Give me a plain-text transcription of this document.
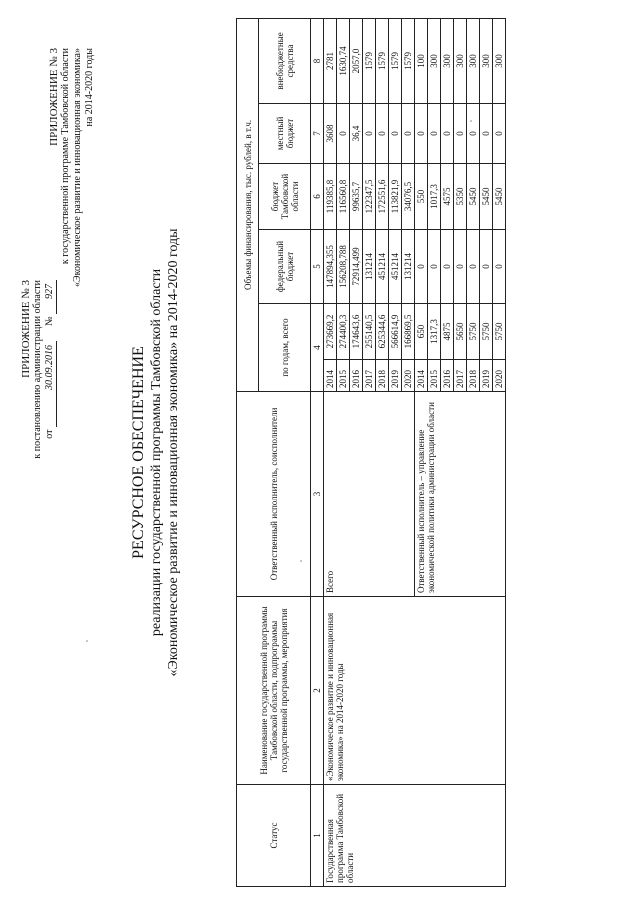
ПРИЛОЖЕНИЕ № 3 к постановлению администрации области от 30.09.2016      № 927
ПРИЛОЖЕНИЕ № 3 к государственной программе Тамбовской области «Экономическое развитие и инновационная экономика» на 2014-2020 годы
РЕСУРСНОЕ ОБЕСПЕЧЕНИЕ реализации государственной программы Тамбовской области «Экономическое развитие и инновационная экономика» на 2014-2020 годы
Статус	Наименование государственной программы Тамбовской области, подпрограммы государственной программы, мероприятия	Ответственный исполнитель, соисполнители	Объемы финансирования, тыс. рублей, в т.ч.					
			по годам, всего		федеральный бюджет	бюджет Тамбовской области	местный бюджет	внебюджетные средства
1	2	3	4		5	6	7	8
Государственная программа Тамбовской области	«Экономическое развитие и инновационная экономика» на 2014-2020 годы	Всего	2014	273669,2	147894,355	119385,8	3608	2781
			2015	274400,3	156208,788	116560,8	0	1630,74
			2016	174643,6	72914,499	99635,7	36,4	2057,0
			2017	255140,5	131214	122347,5	0	1579
			2018	625344,6	451214	172551,6	0	1579
			2019	566614,9	451214	113821,9	0	1579
			2020	166869,5	131214	34076,5	0	1579
		Ответственный исполнитель – управление экономической политики администрации области	2014	650	0	550	0	100
			2015	1317,3	0	1017,3	0	300
			2016	4875	0	4575	0	300
			2017	5650	0	5350	0	300
			2018	5750	0	5450	0	300
			2019	5750	0	5450	0	300
			2020	5750	0	5450	0	300
